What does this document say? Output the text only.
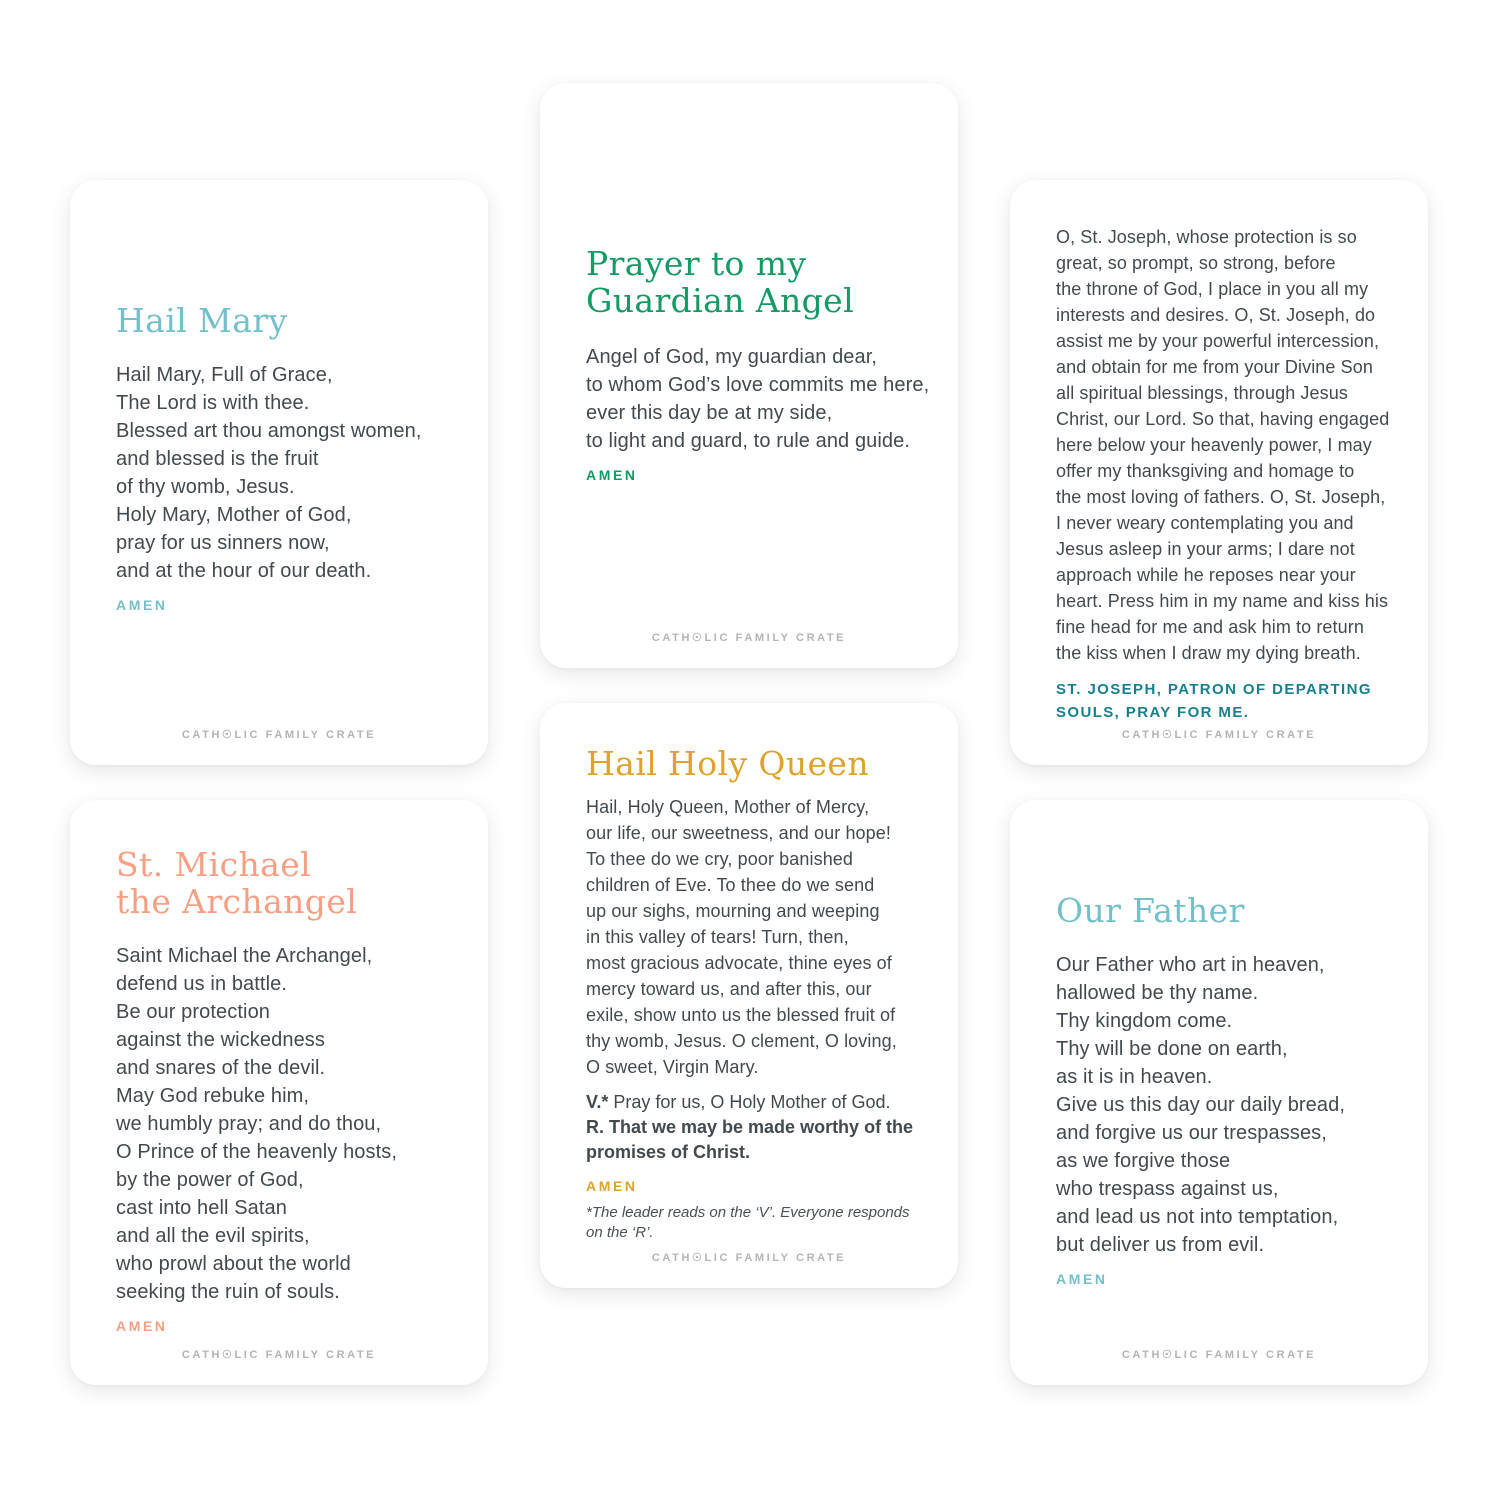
Hail Mary
Hail Mary, Full of Grace,
The Lord is with thee.
Blessed art thou amongst women,
and blessed is the fruit
of thy womb, Jesus.
Holy Mary, Mother of God,
pray for us sinners now,
and at the hour of our death.
AMEN
CATH☉LIC FAMILY CRATE
Prayer to my
Guardian Angel
Angel of God, my guardian dear,
to whom God’s love commits me here,
ever this day be at my side,
to light and guard, to rule and guide.
AMEN
CATH☉LIC FAMILY CRATE
O, St. Joseph, whose protection is so
great, so prompt, so strong, before
the throne of God, I place in you all my
interests and desires. O, St. Joseph, do
assist me by your powerful intercession,
and obtain for me from your Divine Son
all spiritual blessings, through Jesus
Christ, our Lord. So that, having engaged
here below your heavenly power, I may
offer my thanksgiving and homage to
the most loving of fathers. O, St. Joseph,
I never weary contemplating you and
Jesus asleep in your arms; I dare not
approach while he reposes near your
heart. Press him in my name and kiss his
fine head for me and ask him to return
the kiss when I draw my dying breath.
ST. JOSEPH, PATRON OF DEPARTING
SOULS, PRAY FOR ME.
CATH☉LIC FAMILY CRATE
St. Michael
the Archangel
Saint Michael the Archangel,
defend us in battle.
Be our protection
against the wickedness
and snares of the devil.
May God rebuke him,
we humbly pray; and do thou,
O Prince of the heavenly hosts,
by the power of God,
cast into hell Satan
and all the evil spirits,
who prowl about the world
seeking the ruin of souls.
AMEN
CATH☉LIC FAMILY CRATE
Hail Holy Queen
Hail, Holy Queen, Mother of Mercy,
our life, our sweetness, and our hope!
To thee do we cry, poor banished
children of Eve. To thee do we send
up our sighs, mourning and weeping
in this valley of tears! Turn, then,
most gracious advocate, thine eyes of
mercy toward us, and after this, our
exile, show unto us the blessed fruit of
thy womb, Jesus. O clement, O loving,
O sweet, Virgin Mary.
V.* Pray for us, O Holy Mother of God.
R. That we may be made worthy of the
promises of Christ.
AMEN
*The leader reads on the ‘V’. Everyone responds
on the ‘R’.
CATH☉LIC FAMILY CRATE
Our Father
Our Father who art in heaven,
hallowed be thy name.
Thy kingdom come.
Thy will be done on earth,
as it is in heaven.
Give us this day our daily bread,
and forgive us our trespasses,
as we forgive those
who trespass against us,
and lead us not into temptation,
but deliver us from evil.
AMEN
CATH☉LIC FAMILY CRATE
